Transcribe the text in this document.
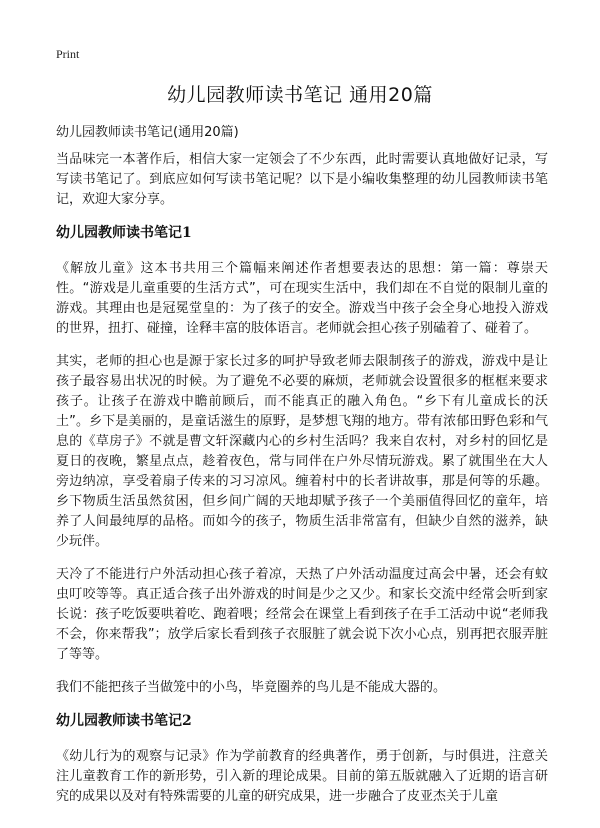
Print
幼儿园教师读书笔记 通用20篇
幼儿园教师读书笔记(通用20篇)

当品味完一本著作后，相信大家一定领会了不少东西，此时需要认真地做好记录，写写读书笔记了。到底应如何写读书笔记呢？以下是小编收集整理的幼儿园教师读书笔记，欢迎大家分享。

幼儿园教师读书笔记1

《解放儿童》这本书共用三个篇幅来阐述作者想要表达的思想：第一篇：尊崇天性。“游戏是儿童重要的生活方式”，可在现实生活中，我们却在不自觉的限制儿童的游戏。其理由也是冠冕堂皇的：为了孩子的安全。游戏当中孩子会全身心地投入游戏的世界，扭打、碰撞，诠释丰富的肢体语言。老师就会担心孩子别磕着了、碰着了。

其实，老师的担心也是源于家长过多的呵护导致老师去限制孩子的游戏，游戏中是让孩子最容易出状况的时候。为了避免不必要的麻烦，老师就会设置很多的框框来要求孩子。让孩子在游戏中瞻前顾后，而不能真正的融入角色。“乡下有儿童成长的沃土”。乡下是美丽的，是童话滋生的原野，是梦想飞翔的地方。带有浓郁田野色彩和气息的《草房子》不就是曹文轩深藏内心的乡村生活吗？我来自农村，对乡村的回忆是夏日的夜晚，繁星点点，趁着夜色，常与同伴在户外尽情玩游戏。累了就围坐在大人旁边纳凉，享受着扇子传来的习习凉风。缠着村中的长者讲故事，那是何等的乐趣。乡下物质生活虽然贫困，但乡间广阔的天地却赋予孩子一个美丽值得回忆的童年，培养了人间最纯厚的品格。而如今的孩子，物质生活非常富有，但缺少自然的滋养，缺少玩伴。

天冷了不能进行户外活动担心孩子着凉，天热了户外活动温度过高会中暑，还会有蚊虫叮咬等等。真正适合孩子出外游戏的时间是少之又少。和家长交流中经常会听到家长说：孩子吃饭要哄着吃、跑着喂；经常会在课堂上看到孩子在手工活动中说“老师我不会，你来帮我”；放学后家长看到孩子衣服脏了就会说下次小心点，别再把衣服弄脏了等等。

我们不能把孩子当做笼中的小鸟，毕竟圈养的鸟儿是不能成大器的。

幼儿园教师读书笔记2

《幼儿行为的观察与记录》作为学前教育的经典著作，勇于创新，与时俱进，注意关注儿童教育工作的新形势，引入新的理论成果。目前的第五版就融入了近期的语言研究的成果以及对有特殊需要的儿童的研究成果，进一步融合了皮亚杰关于儿童
